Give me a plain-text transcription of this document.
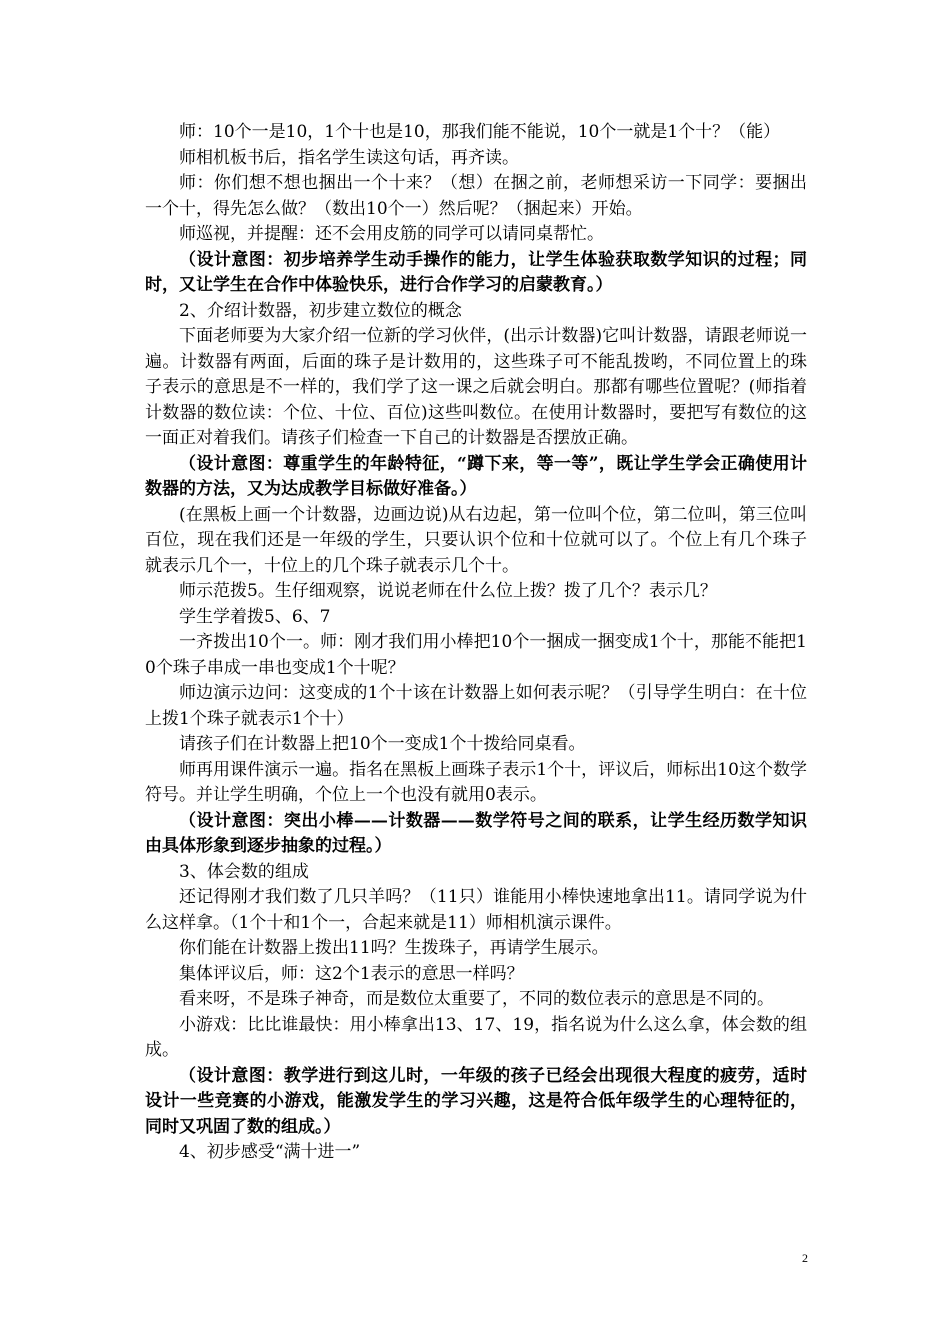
师：10个一是10，1个十也是10，那我们能不能说，10个一就是1个十？（能）

师相机板书后，指名学生读这句话，再齐读。

师：你们想不想也捆出一个十来？（想）在捆之前，老师想采访一下同学：要捆出一个十，得先怎么做？（数出10个一）然后呢？（捆起来）开始。

师巡视，并提醒：还不会用皮筋的同学可以请同桌帮忙。

（设计意图：初步培养学生动手操作的能力，让学生体验获取数学知识的过程；同时，又让学生在合作中体验快乐，进行合作学习的启蒙教育。）

2、介绍计数器，初步建立数位的概念

下面老师要为大家介绍一位新的学习伙伴，(出示计数器)它叫计数器，请跟老师说一遍。计数器有两面，后面的珠子是计数用的，这些珠子可不能乱拨哟，不同位置上的珠子表示的意思是不一样的，我们学了这一课之后就会明白。那都有哪些位置呢？(师指着计数器的数位读：个位、十位、百位)这些叫数位。在使用计数器时，要把写有数位的这一面正对着我们。请孩子们检查一下自己的计数器是否摆放正确。

（设计意图：尊重学生的年龄特征，“蹲下来，等一等”，既让学生学会正确使用计数器的方法，又为达成教学目标做好准备。）

(在黑板上画一个计数器，边画边说)从右边起，第一位叫个位，第二位叫，第三位叫百位，现在我们还是一年级的学生，只要认识个位和十位就可以了。个位上有几个珠子就表示几个一，十位上的几个珠子就表示几个十。

师示范拨5。生仔细观察，说说老师在什么位上拨？拨了几个？表示几？

学生学着拨5、6、7

一齐拨出10个一。师：刚才我们用小棒把10个一捆成一捆变成1个十，那能不能把10个珠子串成一串也变成1个十呢？

师边演示边问：这变成的1个十该在计数器上如何表示呢？（引导学生明白：在十位上拨1个珠子就表示1个十）

请孩子们在计数器上把10个一变成1个十拨给同桌看。

师再用课件演示一遍。指名在黑板上画珠子表示1个十，评议后，师标出10这个数学符号。并让学生明确，个位上一个也没有就用0表示。

（设计意图：突出小棒——计数器——数学符号之间的联系，让学生经历数学知识由具体形象到逐步抽象的过程。）

3、体会数的组成

还记得刚才我们数了几只羊吗？（11只）谁能用小棒快速地拿出11。请同学说为什么这样拿。（1个十和1个一，合起来就是11）师相机演示课件。

你们能在计数器上拨出11吗？生拨珠子，再请学生展示。

集体评议后，师：这2个1表示的意思一样吗？

看来呀，不是珠子神奇，而是数位太重要了，不同的数位表示的意思是不同的。

小游戏：比比谁最快：用小棒拿出13、17、19，指名说为什么这么拿，体会数的组成。

（设计意图：教学进行到这儿时，一年级的孩子已经会出现很大程度的疲劳，适时设计一些竞赛的小游戏，能激发学生的学习兴趣，这是符合低年级学生的心理特征的，同时又巩固了数的组成。）

4、初步感受“满十进一”

2
